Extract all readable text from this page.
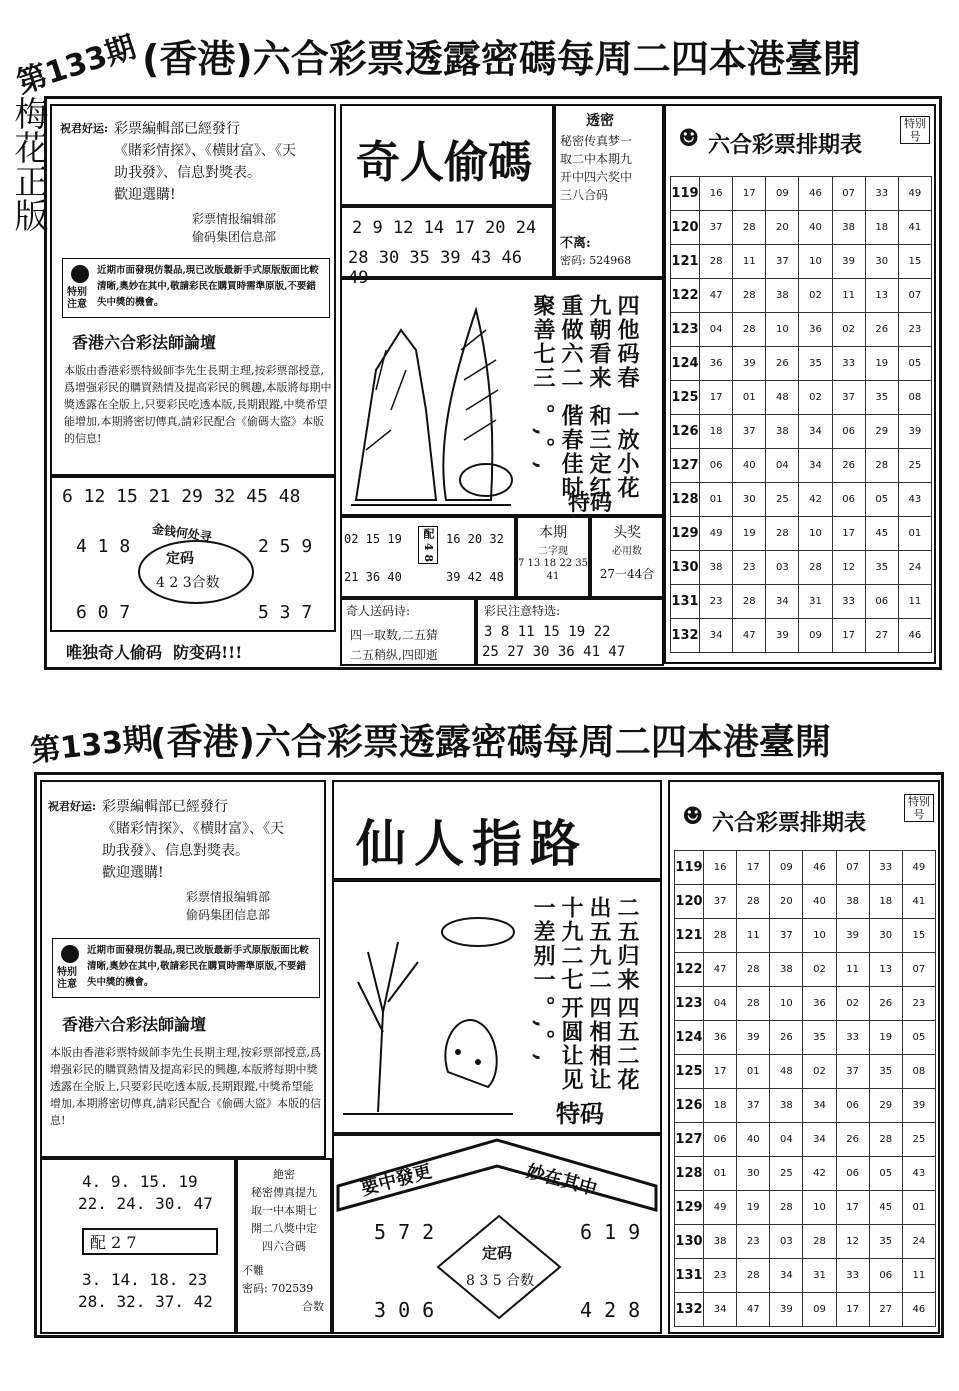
第133期 (香港)六合彩票透露密碼每周二四本港臺開
梅花正版	祝君好运: 彩票編輯部已經發行
《賭彩情探》、《横財富》、《天
助我發》、信息對獎表。
歡迎選購!
彩票情报编辑部
偷码集团信息部
特别注意
近期市面發現仿製品,現已改版最新手式原版版面比較清晰,奧妙在其中,敬請彩民在購買時需準原版,不要錯失中獎的機會。
香港六合彩法師論壇
本版由香港彩票特級師李先生長期主理,按彩票部授意,爲增强彩民的購買熱情及提高彩民的興趣,本版將每期中獎透露在全版上,只要彩民吃透本版,長期跟蹤,中獎希望能增加,本期將密切傳真,請彩民配合《偷碼大盜》本版的信息!
6 12 15 21 29 32 45 48
金钱何处寻
4 1 8	2 5 9
6 0 7	5 3 7
定码
4 2 3合数
唯独奇人偷码  防变码!!!
奇人偷碼
2 9 12 14 17 20 24
28 30 35 39 43 46 49
透密
秘密传真梦一
取二中本期九
开中四六奖中
三八合码
不离:
密码: 524968
四他码春
九朝看来
重做六二
聚善七三
一放小花
和三定红
偕春佳时
。,。,
特码
02 15 19
21 36 40
配 4 8 16 20 32
39 42 48
本期
二字现
7 13 18 22 35 41
头奖
必用数
27一44合
奇人送码诗:
四一取数,二五猜
二五稍纵,四即逝
彩民注意特选:
3 8 11 15 19 22
25 27 30 36 41 47
☻ 六合彩票排期表
特别号
119	16	17	09	46	07	33	49
120	37	28	20	40	38	18	41
121	28	11	37	10	39	30	15
122	47	28	38	02	11	13	07
123	04	28	10	36	02	26	23
124	36	39	26	35	33	19	05
125	17	01	48	02	37	35	08
126	18	37	38	34	06	29	39
127	06	40	04	34	26	28	25
128	01	30	25	42	06	05	43
129	49	19	28	10	17	45	01
130	38	23	03	28	12	35	24
131	23	28	34	31	33	06	11
132	34	47	39	09	17	27	46
第133期
(香港)六合彩票透露密碼每周二四本港臺開
祝君好运: 彩票編輯部已經發行
《賭彩情探》、《横財富》、《天
助我發》、信息對獎表。
歡迎選購!
彩票情报编辑部
偷码集团信息部
特别注意
近期市面發現仿製品,現已改版最新手式原版版面比較清晰,奧妙在其中,敬請彩民在購買時需準原版,不要錯失中獎的機會。
香港六合彩法師論壇
本版由香港彩票特級師李先生長期主理,按彩票部授意,爲增强彩民的購買熱情及提高彩民的興趣,本版將每期中獎透露在全版上,只要彩民吃透本版,長期跟蹤,中獎希望能增加,本期將密切傳真,請彩民配合《偷碼大盜》本版的信息!
4. 9. 15. 19
22. 24. 30. 47
配 2 7
3. 14. 18. 23
28. 32. 37. 42
絶密
秘密傳真提九
取一中本期七
開二八獎中定
四六合碼
不難
密码: 702539
合数
仙人指路
二五归来
出五九二
十九二七
一差别一
四五二花
四相相让
开圆让见
。,。,
特码
要中發更	妙在其中
5 7 2	6 1 9
3 0 6	4 2 8
定码
8 3 5 合数
☻ 六合彩票排期表
特别号
119	16	17	09	46	07	33	49
120	37	28	20	40	38	18	41
121	28	11	37	10	39	30	15
122	47	28	38	02	11	13	07
123	04	28	10	36	02	26	23
124	36	39	26	35	33	19	05
125	17	01	48	02	37	35	08
126	18	37	38	34	06	29	39
127	06	40	04	34	26	28	25
128	01	30	25	42	06	05	43
129	49	19	28	10	17	45	01
130	38	23	03	28	12	35	24
131	23	28	34	31	33	06	11
132	34	47	39	09	17	27	46
